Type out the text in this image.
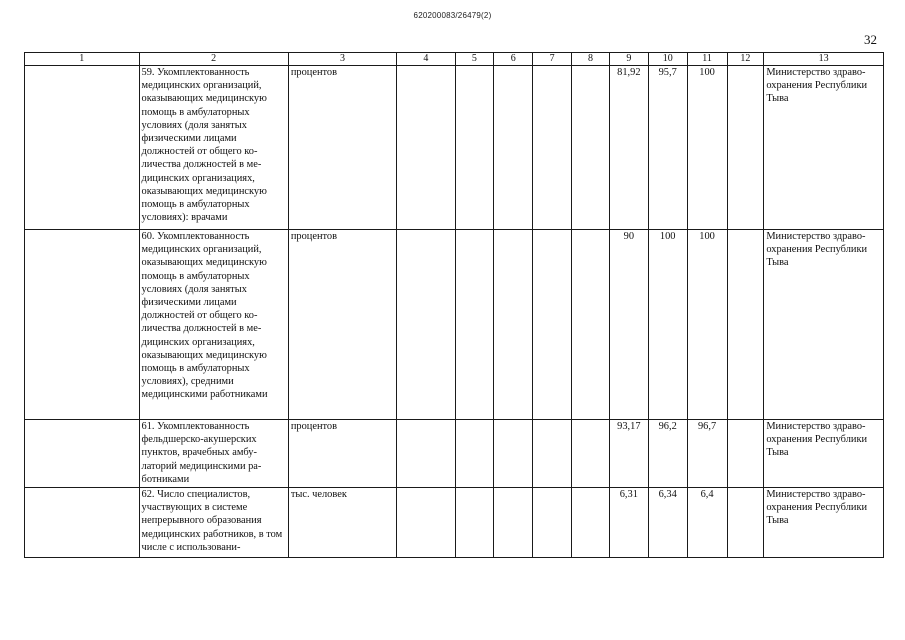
620200083/26479(2)
32
1	2	3	4	5	6	7	8	9	10	11	12	13
	59. Укомплектованность медицинских организаций, оказывающих медицинскую помощь в амбулаторных условиях (доля занятых физическими лицами должностей от общего количества должностей в медицинских организациях, оказывающих медицинскую помощь в амбулаторных условиях): врачами	процентов						81,92	95,7	100		Министерство здравоохранения Республики Тыва
	60. Укомплектованность медицинских организаций, оказывающих медицинскую помощь в амбулаторных условиях (доля занятых физическими лицами должностей от общего количества должностей в медицинских организациях, оказывающих медицинскую помощь в амбулаторных условиях), средними медицинскими работниками	процентов						90	100	100		Министерство здравоохранения Республики Тыва
	61. Укомплектованность фельдшерско-акушерских пунктов, врачебных амбулаторий медицинскими работниками	процентов						93,17	96,2	96,7		Министерство здравоохранения Республики Тыва
	62. Число специалистов, участвующих в системе непрерывного образования медицинских работников, в том числе с использовани-	тыс. человек						6,31	6,34	6,4		Министерство здравоохранения Республики Тыва
